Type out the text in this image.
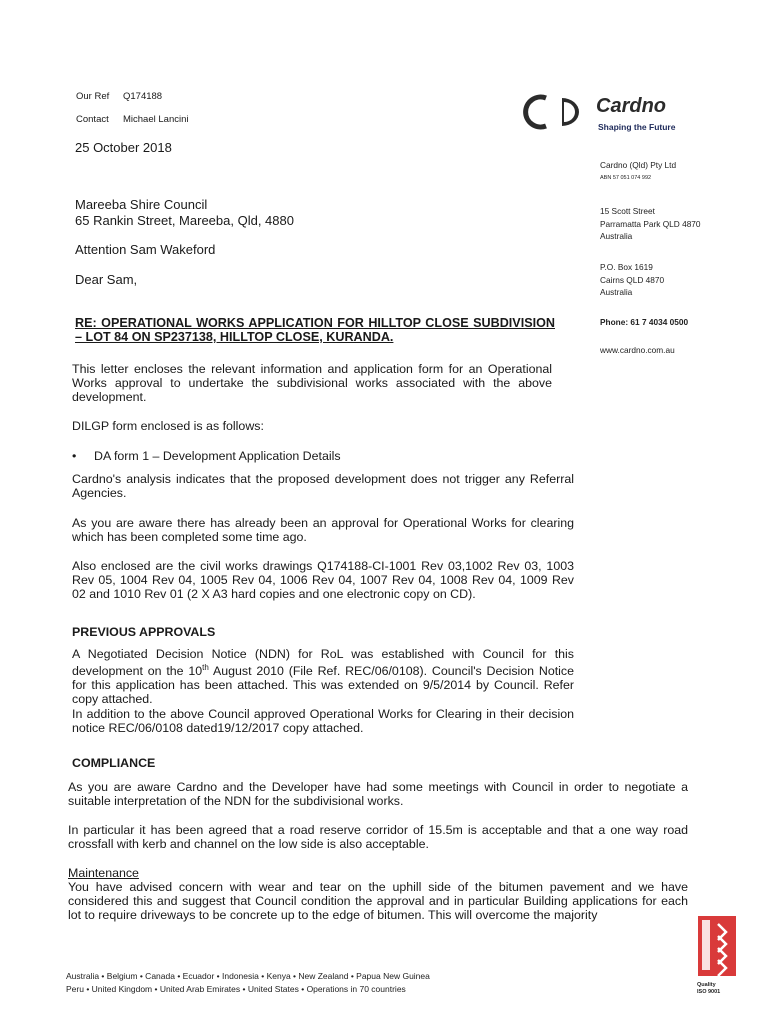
Our Ref Q174188
Contact Michael Lancini
25 October 2018
Mareeba Shire Council
65 Rankin Street, Mareeba, Qld, 4880
Attention Sam Wakeford
Dear Sam,
RE: OPERATIONAL WORKS APPLICATION FOR HILLTOP CLOSE SUBDIVISION – LOT 84 ON SP237138, HILLTOP CLOSE, KURANDA.
This letter encloses the relevant information and application form for an Operational Works approval to undertake the subdivisional works associated with the above development.
DILGP form enclosed is as follows:
• DA form 1 – Development Application Details
Cardno's analysis indicates that the proposed development does not trigger any Referral Agencies.
As you are aware there has already been an approval for Operational Works for clearing which has been completed some time ago.
Also enclosed are the civil works drawings Q174188-CI-1001 Rev 03,1002 Rev 03, 1003 Rev 05, 1004 Rev 04, 1005 Rev 04, 1006 Rev 04, 1007 Rev 04, 1008 Rev 04, 1009 Rev 02 and 1010 Rev 01 (2 X A3 hard copies and one electronic copy on CD).
PREVIOUS APPROVALS
A Negotiated Decision Notice (NDN) for RoL was established with Council for this development on the 10th August 2010 (File Ref. REC/06/0108). Council's Decision Notice for this application has been attached. This was extended on 9/5/2014 by Council. Refer copy attached.
In addition to the above Council approved Operational Works for Clearing in their decision notice REC/06/0108 dated19/12/2017 copy attached.
COMPLIANCE
As you are aware Cardno and the Developer have had some meetings with Council in order to negotiate a suitable interpretation of the NDN for the subdivisional works.
In particular it has been agreed that a road reserve corridor of 15.5m is acceptable and that a one way road crossfall with kerb and channel on the low side is also acceptable.
Maintenance
You have advised concern with wear and tear on the uphill side of the bitumen pavement and we have considered this and suggest that Council condition the approval and in particular Building applications for each lot to require driveways to be concrete up to the edge of bitumen. This will overcome the majority
Cardno
Shaping the Future
Cardno (Qld) Pty Ltd
ABN 57 051 074 992
15 Scott Street
Parramatta Park QLD 4870
Australia
P.O. Box 1619
Cairns QLD 4870
Australia
Phone: 61 7 4034 0500
www.cardno.com.au
Australia • Belgium • Canada • Ecuador • Indonesia • Kenya • New Zealand • Papua New Guinea
Peru • United Kingdom • United Arab Emirates • United States • Operations in 70 countries	Quality
ISO 9001
